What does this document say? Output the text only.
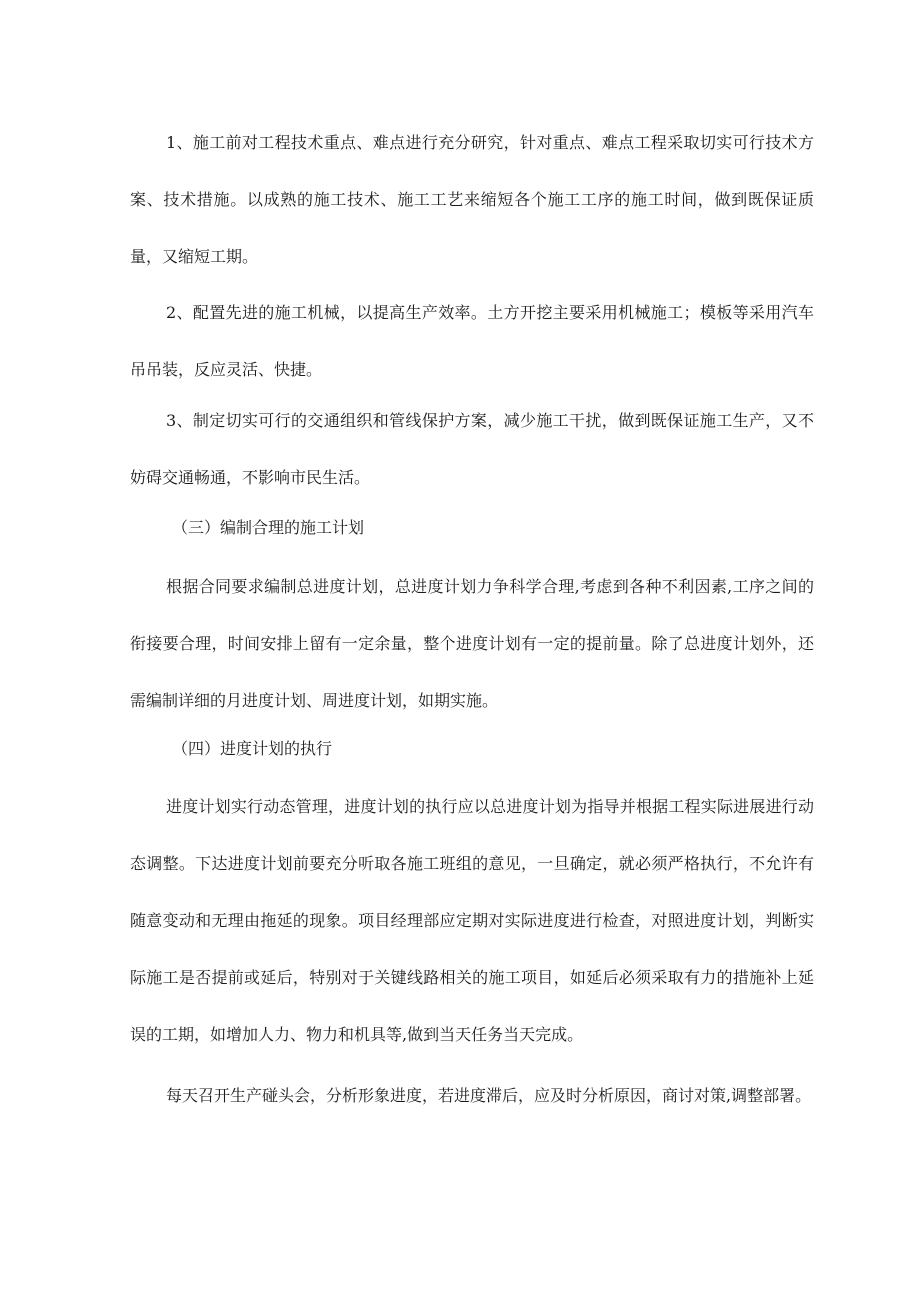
1、施工前对工程技术重点、难点进行充分研究，针对重点、难点工程采取切实可行技术方案、技术措施。以成熟的施工技术、施工工艺来缩短各个施工工序的施工时间，做到既保证质量，又缩短工期。

2、配置先进的施工机械，以提高生产效率。土方开挖主要采用机械施工；模板等采用汽车吊吊装，反应灵活、快捷。

3、制定切实可行的交通组织和管线保护方案，减少施工干扰，做到既保证施工生产，又不妨碍交通畅通，不影响市民生活。

（三）编制合理的施工计划

根据合同要求编制总进度计划，总进度计划力争科学合理,考虑到各种不利因素,工序之间的衔接要合理，时间安排上留有一定余量，整个进度计划有一定的提前量。除了总进度计划外，还需编制详细的月进度计划、周进度计划，如期实施。

（四）进度计划的执行

进度计划实行动态管理，进度计划的执行应以总进度计划为指导并根据工程实际进展进行动态调整。下达进度计划前要充分听取各施工班组的意见，一旦确定，就必须严格执行，不允许有随意变动和无理由拖延的现象。项目经理部应定期对实际进度进行检查，对照进度计划，判断实际施工是否提前或延后，特别对于关键线路相关的施工项目，如延后必须采取有力的措施补上延误的工期，如增加人力、物力和机具等,做到当天任务当天完成。

每天召开生产碰头会，分析形象进度，若进度滞后，应及时分析原因，商讨对策,调整部署。
